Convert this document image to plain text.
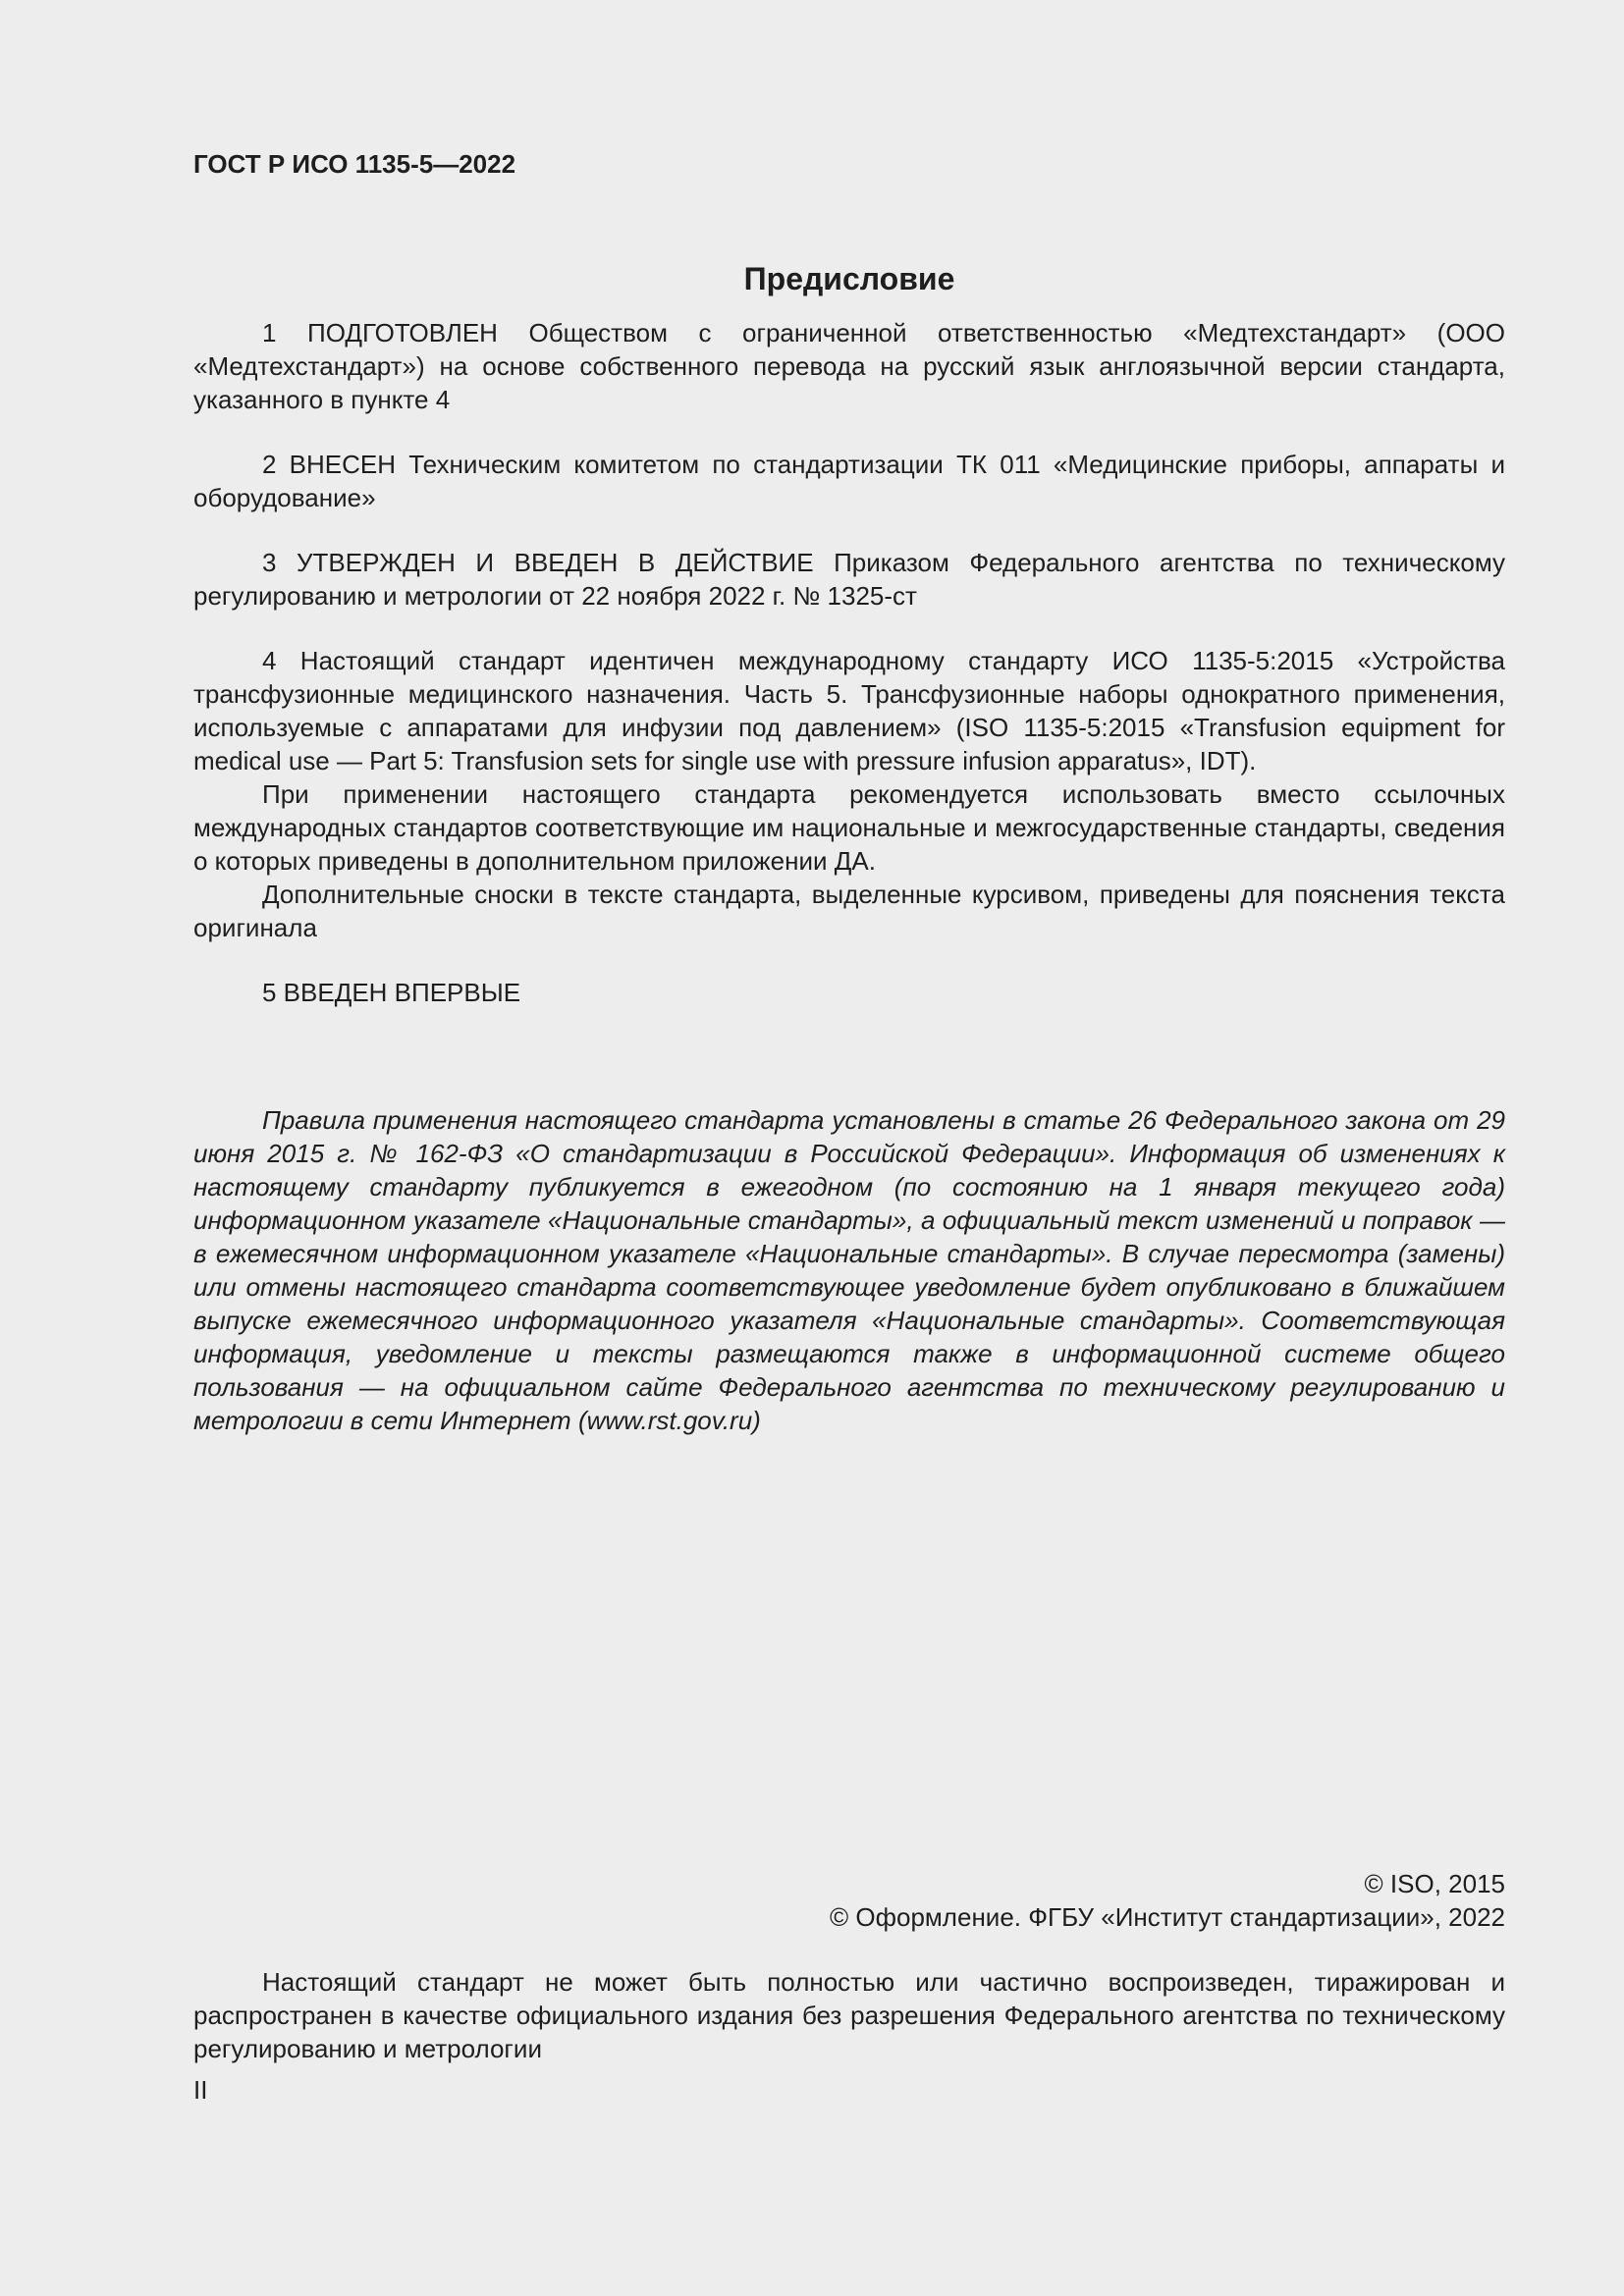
ГОСТ Р ИСО 1135-5—2022
Предисловие

1 ПОДГОТОВЛЕН Обществом с ограниченной ответственностью «Медтехстандарт» (ООО «Медтехстандарт») на основе собственного перевода на русский язык англоязычной версии стандарта, указанного в пункте 4

2 ВНЕСЕН Техническим комитетом по стандартизации ТК 011 «Медицинские приборы, аппараты и оборудование»

3 УТВЕРЖДЕН И ВВЕДЕН В ДЕЙСТВИЕ Приказом Федерального агентства по техническому регулированию и метрологии от 22 ноября 2022 г. № 1325-ст

4 Настоящий стандарт идентичен международному стандарту ИСО 1135-5:2015 «Устройства трансфузионные медицинского назначения. Часть 5. Трансфузионные наборы однократного применения, используемые с аппаратами для инфузии под давлением» (ISO 1135-5:2015 «Transfusion equipment for medical use — Part 5: Transfusion sets for single use with pressure infusion apparatus», IDT).

При применении настоящего стандарта рекомендуется использовать вместо ссылочных международных стандартов соответствующие им национальные и межгосударственные стандарты, сведения о которых приведены в дополнительном приложении ДА.

Дополнительные сноски в тексте стандарта, выделенные курсивом, приведены для пояснения текста оригинала

5 ВВЕДЕН ВПЕРВЫЕ

Правила применения настоящего стандарта установлены в статье 26 Федерального закона от 29 июня 2015 г. № 162-ФЗ «О стандартизации в Российской Федерации». Информация об изменениях к настоящему стандарту публикуется в ежегодном (по состоянию на 1 января текущего года) информационном указателе «Национальные стандарты», а официальный текст изменений и поправок — в ежемесячном информационном указателе «Национальные стандарты». В случае пересмотра (замены) или отмены настоящего стандарта соответствующее уведомление будет опубликовано в ближайшем выпуске ежемесячного информационного указателя «Национальные стандарты». Соответствующая информация, уведомление и тексты размещаются также в информационной системе общего пользования — на официальном сайте Федерального агентства по техническому регулированию и метрологии в сети Интернет (www.rst.gov.ru)

© ISO, 2015
© Оформление. ФГБУ «Институт стандартизации», 2022

Настоящий стандарт не может быть полностью или частично воспроизведен, тиражирован и распространен в качестве официального издания без разрешения Федерального агентства по техническому регулированию и метрологии

II
